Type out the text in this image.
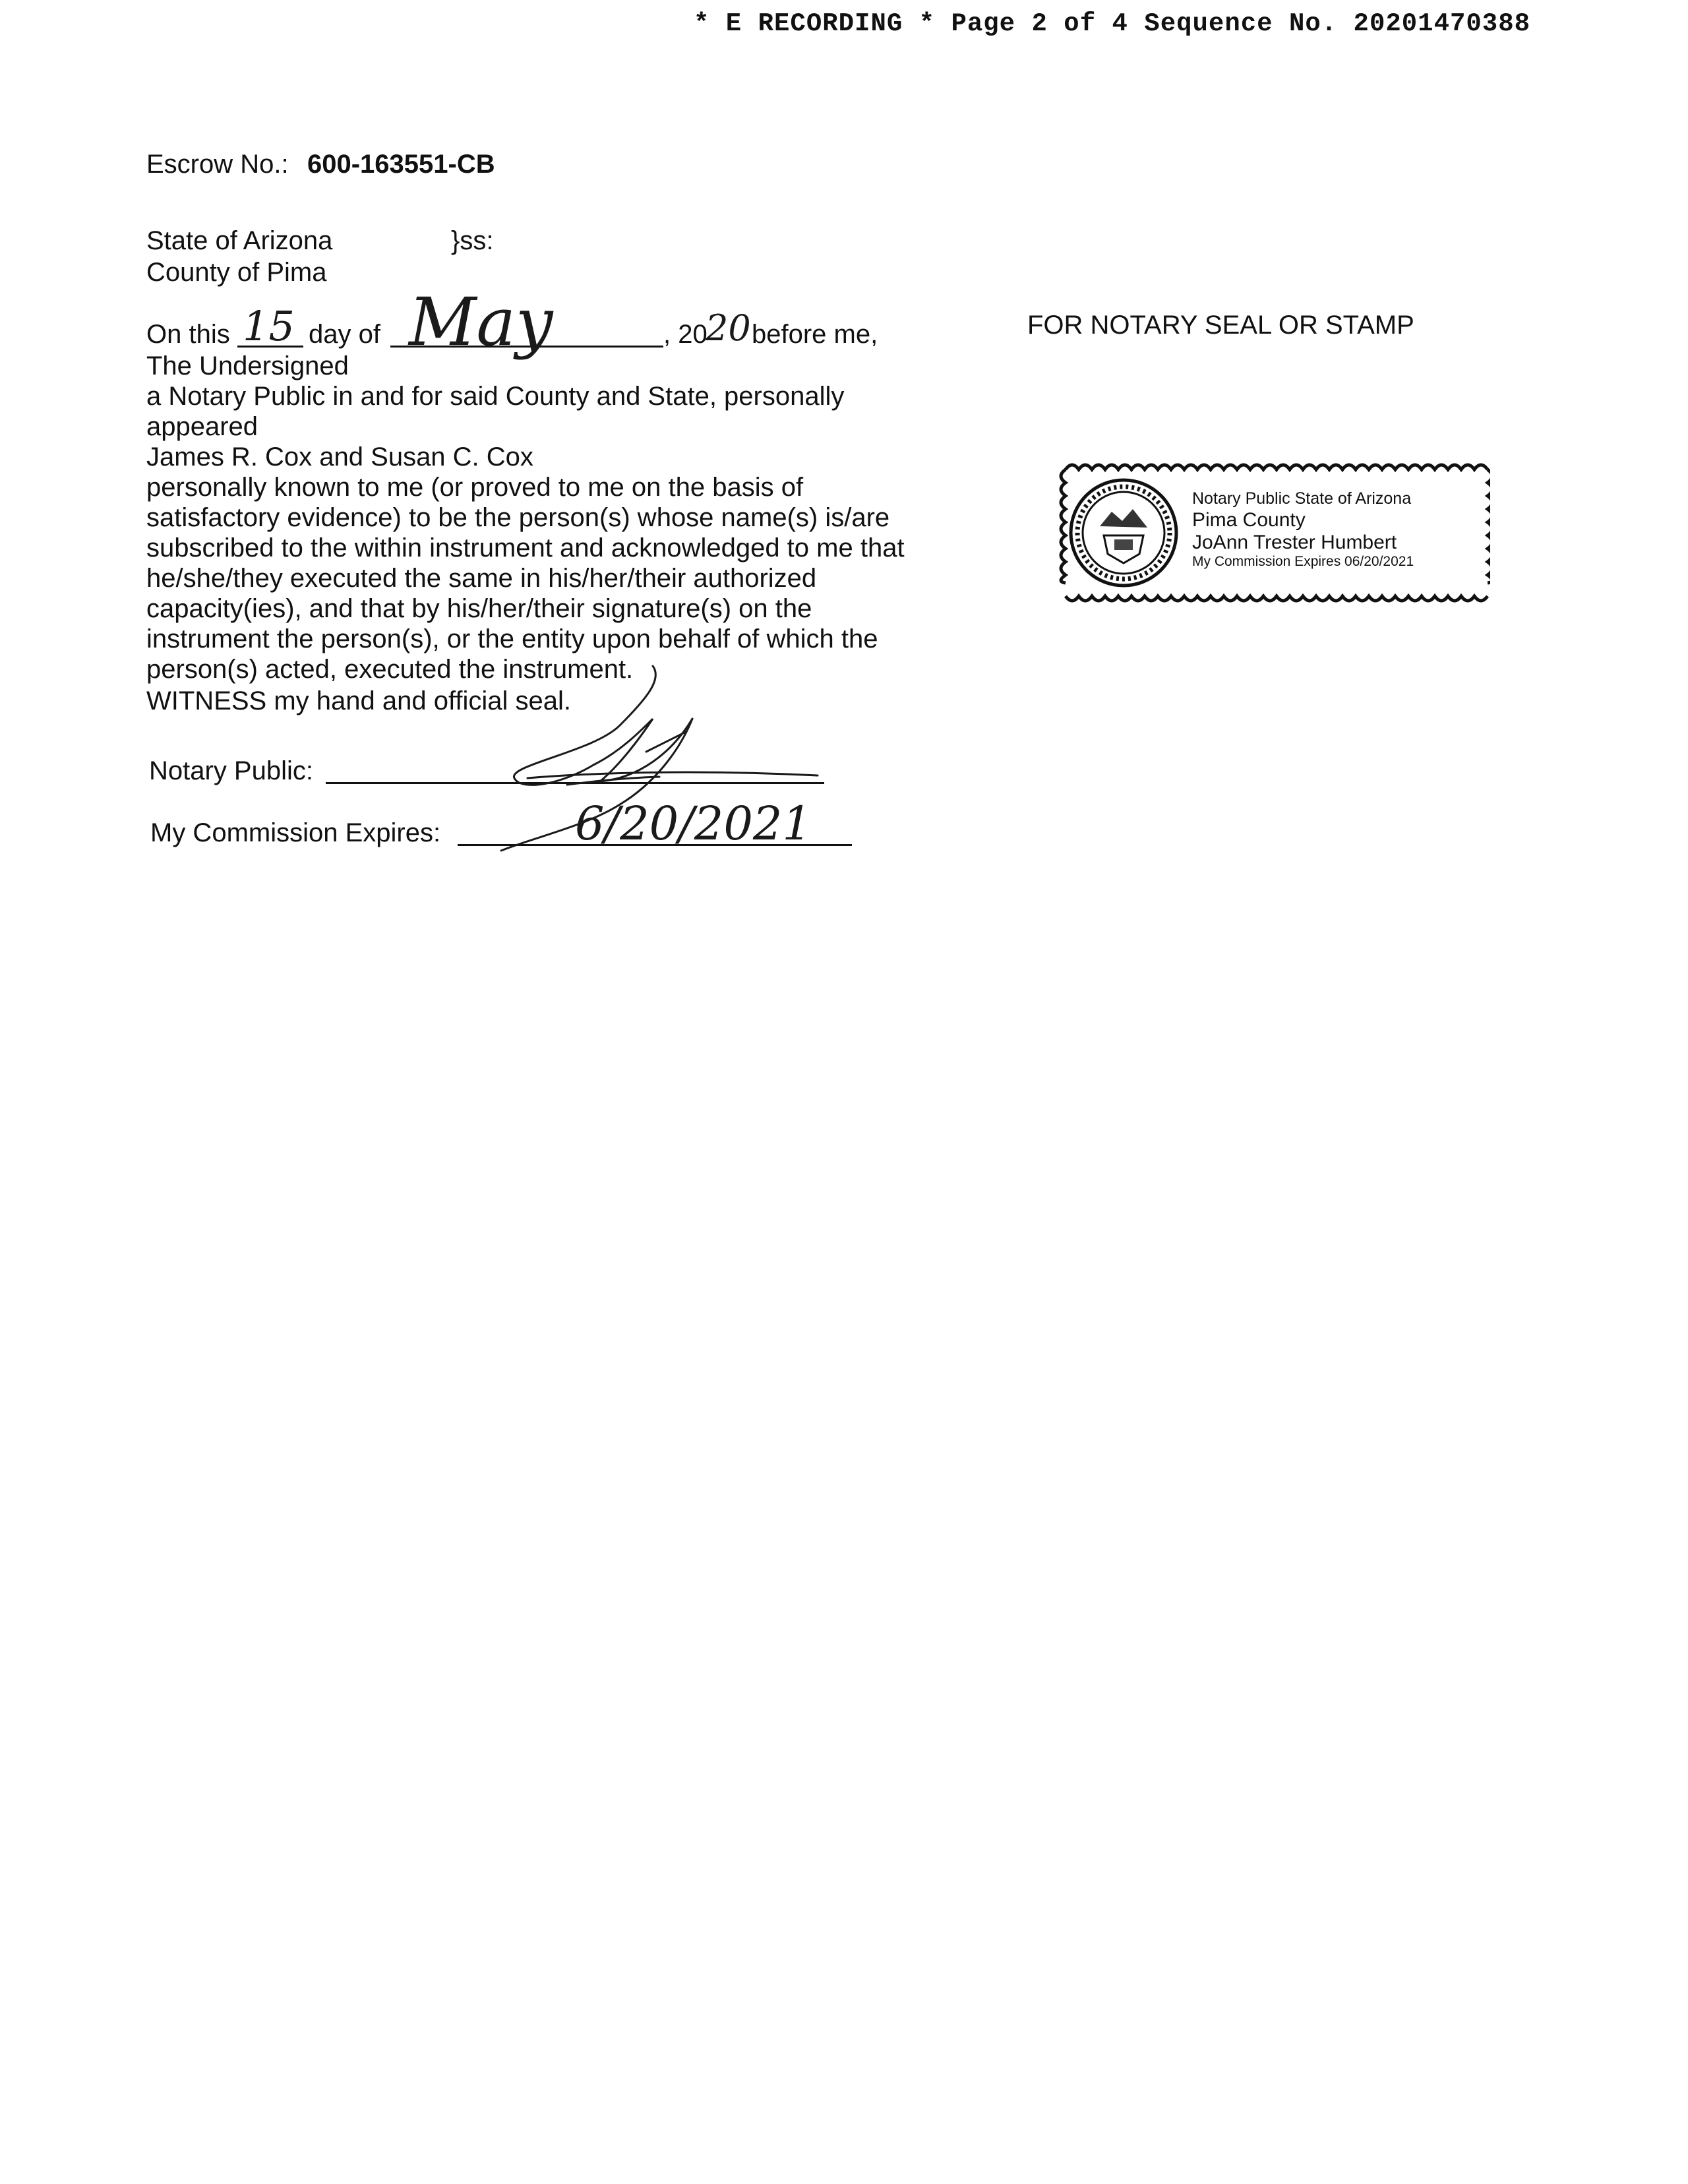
* E RECORDING * Page 2 of 4 Sequence No. 20201470388
Escrow No.: 600-163551-CB
State of Arizona	}ss:
County of Pima
On this 15 day of May	, 20
20 before me,
The Undersigned
a Notary Public in and for said County and State, personally
appeared
James R. Cox and Susan C. Cox
personally known to me (or proved to me on the basis of
satisfactory evidence) to be the person(s) whose name(s) is/are
subscribed to the within instrument and acknowledged to me that
he/she/they executed the same in his/her/their authorized
capacity(ies), and that by his/her/their signature(s) on the
instrument the person(s), or the entity upon behalf of which the
person(s) acted, executed the instrument.
WITNESS my hand and official seal.
Notary Public:
My Commission Expires:	6/20/2021
FOR NOTARY SEAL OR STAMP
Notary Public State of Arizona
Pima County
JoAnn Trester Humbert
My Commission Expires 06/20/2021
